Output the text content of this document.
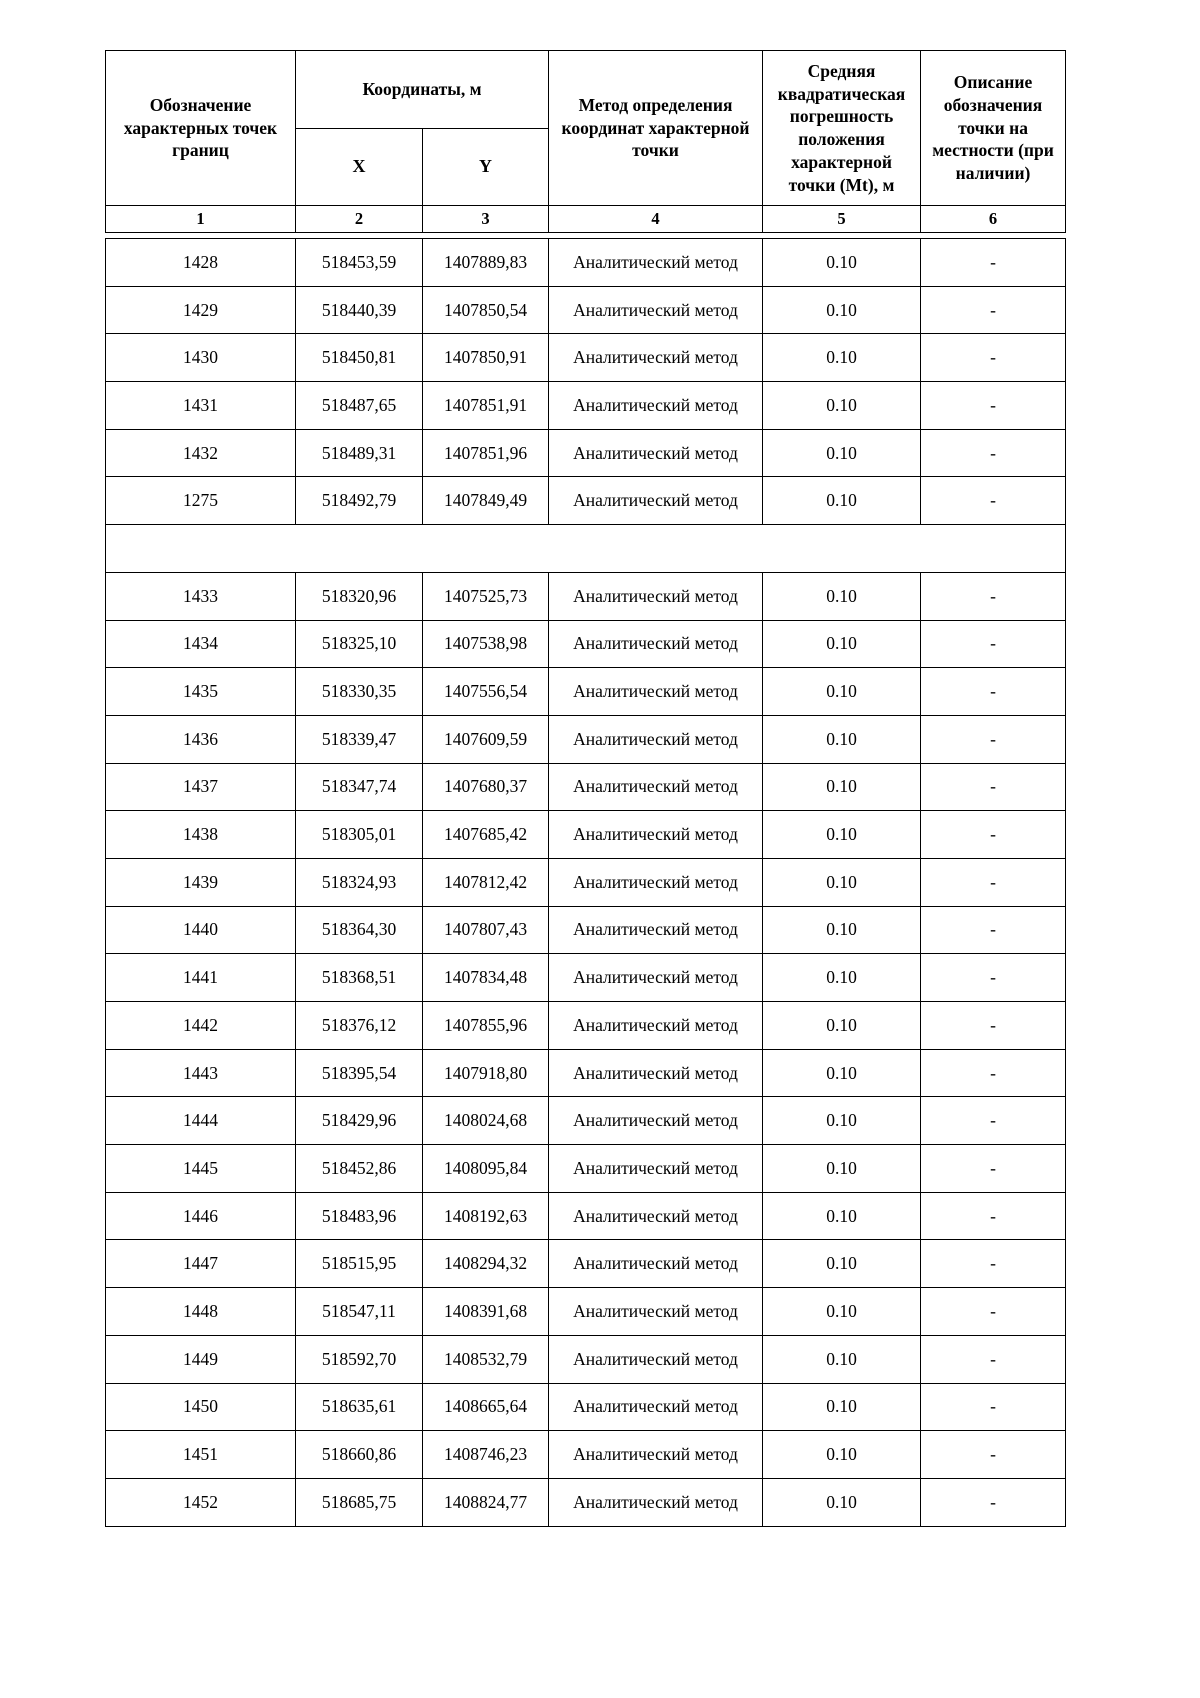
Обозначение характерных точек границ	Координаты, м		Метод определения координат характерной точки	Средняя квадратическая погрешность положения характерной точки (Mt), м	Описание обозначения точки на местности (при наличии)
	X	Y			
1	2	3	4	5	6
1428	518453,59	1407889,83	Аналитический метод	0.10	-
1429	518440,39	1407850,54	Аналитический метод	0.10	-
1430	518450,81	1407850,91	Аналитический метод	0.10	-
1431	518487,65	1407851,91	Аналитический метод	0.10	-
1432	518489,31	1407851,96	Аналитический метод	0.10	-
1275	518492,79	1407849,49	Аналитический метод	0.10	-

1433	518320,96	1407525,73	Аналитический метод	0.10	-
1434	518325,10	1407538,98	Аналитический метод	0.10	-
1435	518330,35	1407556,54	Аналитический метод	0.10	-
1436	518339,47	1407609,59	Аналитический метод	0.10	-
1437	518347,74	1407680,37	Аналитический метод	0.10	-
1438	518305,01	1407685,42	Аналитический метод	0.10	-
1439	518324,93	1407812,42	Аналитический метод	0.10	-
1440	518364,30	1407807,43	Аналитический метод	0.10	-
1441	518368,51	1407834,48	Аналитический метод	0.10	-
1442	518376,12	1407855,96	Аналитический метод	0.10	-
1443	518395,54	1407918,80	Аналитический метод	0.10	-
1444	518429,96	1408024,68	Аналитический метод	0.10	-
1445	518452,86	1408095,84	Аналитический метод	0.10	-
1446	518483,96	1408192,63	Аналитический метод	0.10	-
1447	518515,95	1408294,32	Аналитический метод	0.10	-
1448	518547,11	1408391,68	Аналитический метод	0.10	-
1449	518592,70	1408532,79	Аналитический метод	0.10	-
1450	518635,61	1408665,64	Аналитический метод	0.10	-
1451	518660,86	1408746,23	Аналитический метод	0.10	-
1452	518685,75	1408824,77	Аналитический метод	0.10	-
